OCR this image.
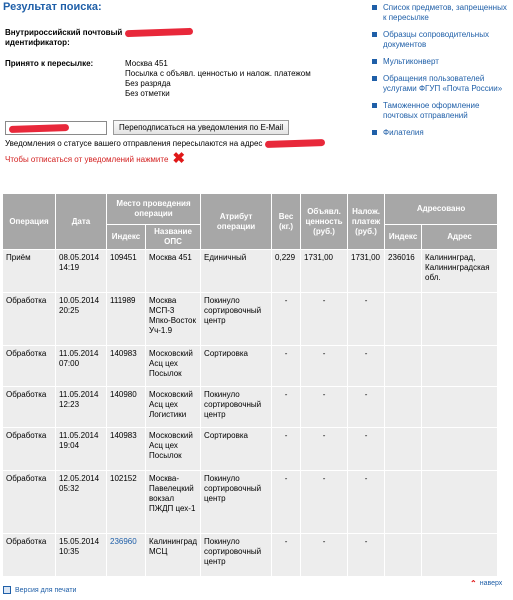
Результат поиска:
Внутрироссийский почтовый идентификатор:
Принято к пересылке:	Москва 451
Посылка с объявл. ценностью и налож. платежом
Без разряда
Без отметки
Переподписаться на уведомления по E-Mail
Уведомления о статусе вашего отправления пересылаются на адрес
Чтобы отписаться от уведомлений нажмите ✖
Список предметов, запрещенных к пересылке
Образцы сопроводительных документов
Мультиконверт
Обращения пользователей услугами ФГУП «Почта России»
Таможенное оформление почтовых отправлений
Филателия
Операция	Дата	Место проведения операции		Атрибут операции	Вес (кг.)	Объявл. ценность (руб.)	Налож. платеж (руб.)	Адресовано	
		Индекс	Название ОПС					Индекс	Адрес
Приём	08.05.2014 14:19	109451	Москва 451	Единичный	0,229	1731,00	1731,00	236016	Калининград, Калининградская обл.
Обработка	10.05.2014 20:25	111989	Москва МСП-3 Мпко-Восток Уч-1.9	Покинуло сортировочный центр	-	-	-		
Обработка	11.05.2014 07:00	140983	Московский Асц цех Посылок	Сортировка	-	-	-		
Обработка	11.05.2014 12:23	140980	Московский Асц цех Логистики	Покинуло сортировочный центр	-	-	-		
Обработка	11.05.2014 19:04	140983	Московский Асц цех Посылок	Сортировка	-	-	-		
Обработка	12.05.2014 05:32	102152	Москва-Павелецкий вокзал ПЖДП цех-1	Покинуло сортировочный центр	-	-	-		
Обработка	15.05.2014 10:35	236960	Калининград МСЦ	Покинуло сортировочный центр	-	-	-		
Версия для печати
⌃ наверх
